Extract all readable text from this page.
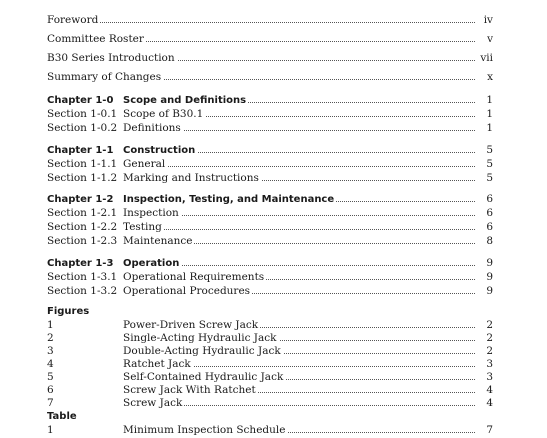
Foreword	iv
Committee Roster	v
B30 Series Introduction	vii
Summary of Changes	x
Chapter 1-0 Scope and Definitions	1
Section 1-0.1 Scope of B30.1	1
Section 1-0.2 Definitions	1
Chapter 1-1 Construction	5
Section 1-1.1 General	5
Section 1-1.2 Marking and Instructions	5
Chapter 1-2 Inspection, Testing, and Maintenance	6
Section 1-2.1 Inspection	6
Section 1-2.2 Testing	6
Section 1-2.3 Maintenance	8
Chapter 1-3 Operation	9
Section 1-3.1 Operational Requirements	9
Section 1-3.2 Operational Procedures	9
Figures
1	Power-Driven Screw Jack	2
2	Single-Acting Hydraulic Jack	2
3	Double-Acting Hydraulic Jack	2
4	Ratchet Jack	3
5	Self-Contained Hydraulic Jack	3
6	Screw Jack With Ratchet	4
7	Screw Jack	4
Table
1	Minimum Inspection Schedule	7
